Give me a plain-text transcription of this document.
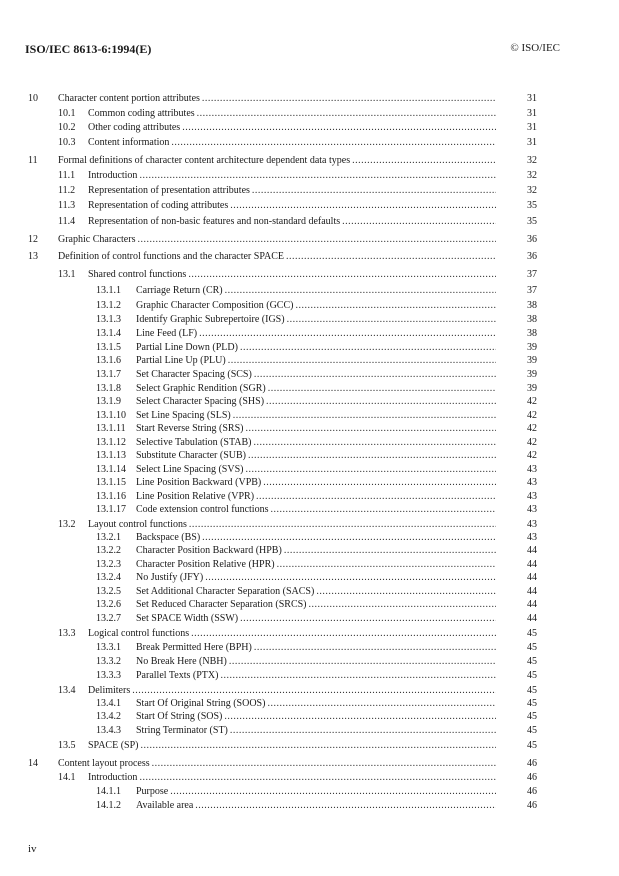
ISO/IEC 8613-6:1994(E)	© ISO/IEC
10 Character content portion attributes .....	31
10.1 Common coding attributes .....	31
10.2 Other coding attributes .....	31
10.3 Content information .....	31
11 Formal definitions of character content architecture dependent data types .....	32
11.1 Introduction .....	32
11.2 Representation of presentation attributes .....	32
11.3 Representation of coding attributes .....	35
11.4 Representation of non-basic features and non-standard defaults .....	35
12 Graphic Characters .....	36
13 Definition of control functions and the character SPACE .....	36
13.1 Shared control functions .....	37
13.1.1 Carriage Return (CR) .....	37
13.1.2 Graphic Character Composition (GCC) .....	38
13.1.3 Identify Graphic Subrepertoire (IGS) .....	38
13.1.4 Line Feed (LF) .....	38
13.1.5 Partial Line Down (PLD) .....	39
13.1.6 Partial Line Up (PLU) .....	39
13.1.7 Set Character Spacing (SCS) .....	39
13.1.8 Select Graphic Rendition (SGR) .....	39
13.1.9 Select Character Spacing (SHS) .....	42
13.1.10 Set Line Spacing (SLS) .....	42
13.1.11 Start Reverse String (SRS) .....	42
13.1.12 Selective Tabulation (STAB) .....	42
13.1.13 Substitute Character (SUB) .....	42
13.1.14 Select Line Spacing (SVS) .....	43
13.1.15 Line Position Backward (VPB) .....	43
13.1.16 Line Position Relative (VPR) .....	43
13.1.17 Code extension control functions .....	43
13.2 Layout control functions .....	43
13.2.1 Backspace (BS) .....	43
13.2.2 Character Position Backward (HPB) .....	44
13.2.3 Character Position Relative (HPR) .....	44
13.2.4 No Justify (JFY) .....	44
13.2.5 Set Additional Character Separation (SACS) .....	44
13.2.6 Set Reduced Character Separation (SRCS) .....	44
13.2.7 Set SPACE Width (SSW) .....	44
13.3 Logical control functions .....	45
13.3.1 Break Permitted Here (BPH) .....	45
13.3.2 No Break Here (NBH) .....	45
13.3.3 Parallel Texts (PTX) .....	45
13.4 Delimiters .....	45
13.4.1 Start Of Original String (SOOS) .....	45
13.4.2 Start Of String (SOS) .....	45
13.4.3 String Terminator (ST) .....	45
13.5 SPACE (SP) .....	45
14 Content layout process .....	46
14.1 Introduction .....	46
14.1.1 Purpose .....	46
14.1.2 Available area .....	46
iv
